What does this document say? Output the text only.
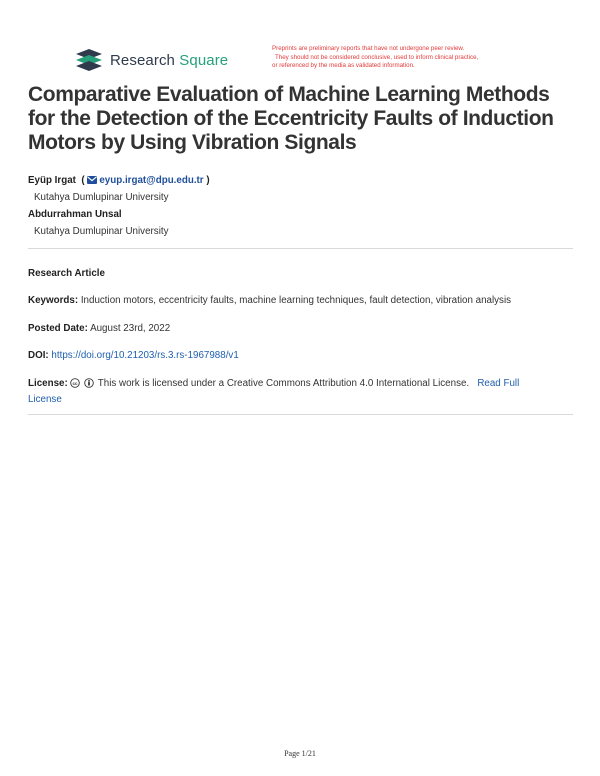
Research Square
Preprints are preliminary reports that have not undergone peer review.
They should not be considered conclusive, used to inform clinical practice,
or referenced by the media as validated information.
Comparative Evaluation of Machine Learning Methods for the Detection of the Eccentricity Faults of Induction Motors by Using Vibration Signals
Eyüp Irgat  ( eyup.irgat@dpu.edu.tr )
Kutahya Dumlupinar University
Abdurrahman Unsal
Kutahya Dumlupinar University
Research Article
Keywords: Induction motors, eccentricity faults, machine learning techniques, fault detection, vibration analysis
Posted Date: August 23rd, 2022
DOI: https://doi.org/10.21203/rs.3.rs-1967988/v1
License: cc This work is licensed under a Creative Commons Attribution 4.0 International License. Read Full
License
Page 1/21
